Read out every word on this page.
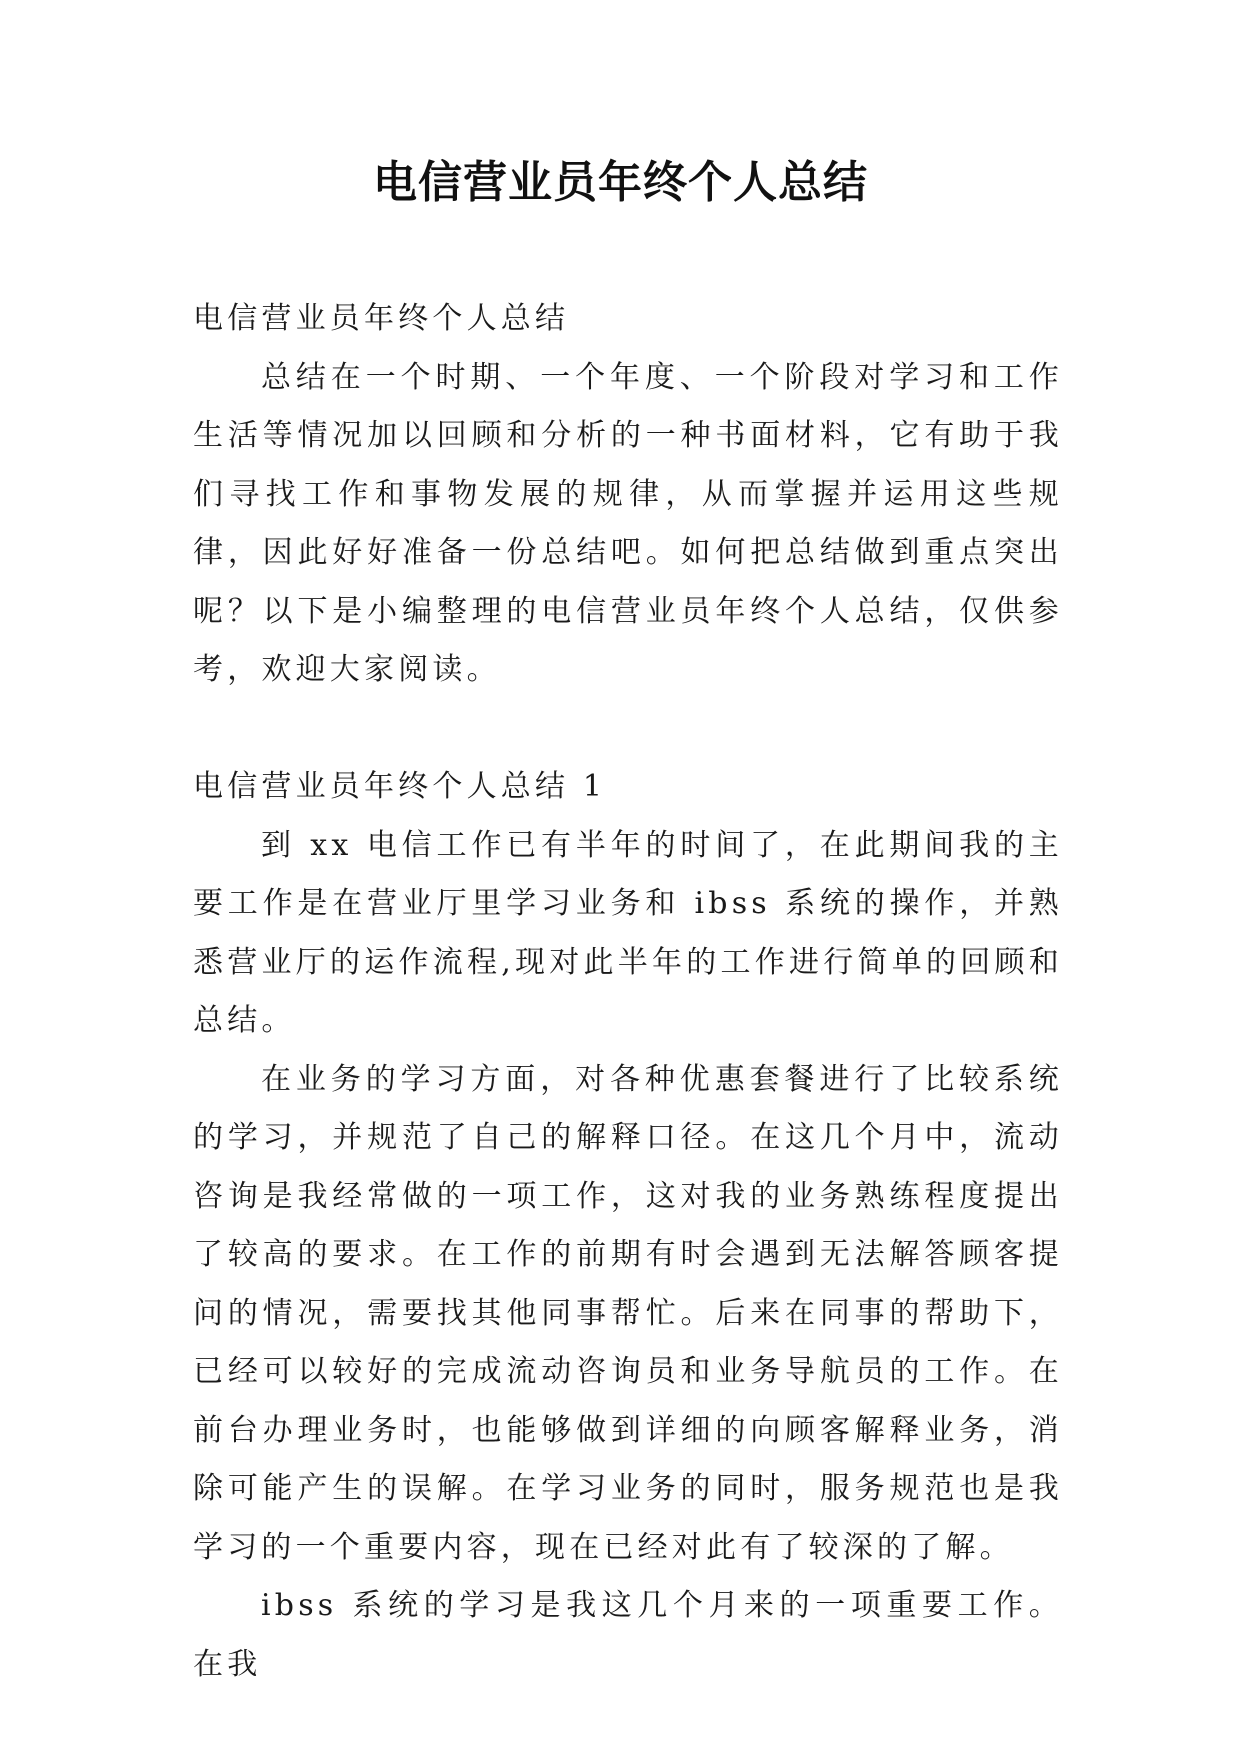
电信营业员年终个人总结

电信营业员年终个人总结

总结在一个时期、一个年度、一个阶段对学习和工作生活等情况加以回顾和分析的一种书面材料，它有助于我们寻找工作和事物发展的规律，从而掌握并运用这些规律，因此好好准备一份总结吧。如何把总结做到重点突出呢？以下是小编整理的电信营业员年终个人总结，仅供参考，欢迎大家阅读。

电信营业员年终个人总结 1

到 xx 电信工作已有半年的时间了，在此期间我的主要工作是在营业厅里学习业务和 ibss 系统的操作，并熟悉营业厅的运作流程,现对此半年的工作进行简单的回顾和总结。

在业务的学习方面，对各种优惠套餐进行了比较系统的学习，并规范了自己的解释口径。在这几个月中，流动咨询是我经常做的一项工作，这对我的业务熟练程度提出了较高的要求。在工作的前期有时会遇到无法解答顾客提问的情况，需要找其他同事帮忙。后来在同事的帮助下，已经可以较好的完成流动咨询员和业务导航员的工作。在前台办理业务时，也能够做到详细的向顾客解释业务，消除可能产生的误解。在学习业务的同时，服务规范也是我学习的一个重要内容，现在已经对此有了较深的了解。

ibss 系统的学习是我这几个月来的一项重要工作。在我
